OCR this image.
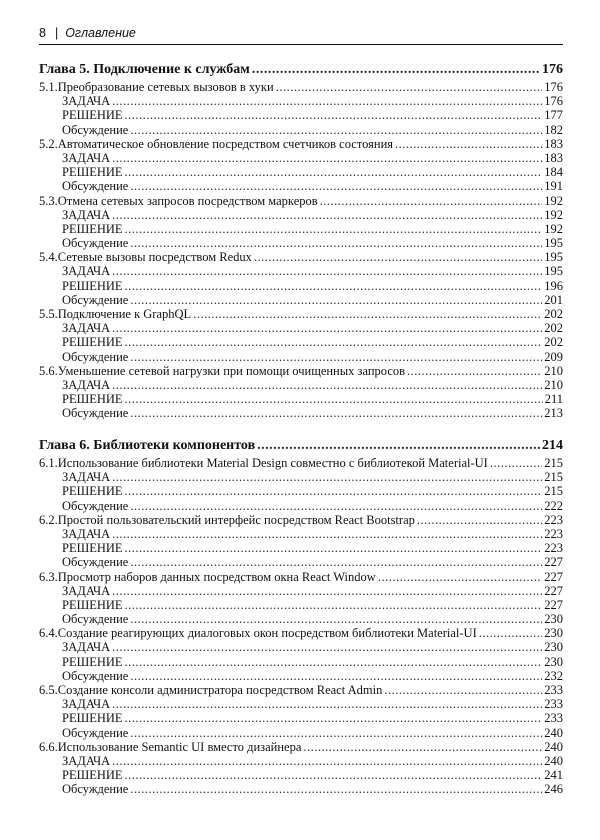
8 | Оглавление
Глава 5. Подключение к службам .....	176
5.1. Преобразование сетевых вызовов в хуки .....	176
ЗАДАЧА .....	176
РЕШЕНИЕ .....	177
Обсуждение .....	182
5.2. Автоматическое обновление посредством счетчиков состояния .....	183
ЗАДАЧА .....	183
РЕШЕНИЕ .....	184
Обсуждение .....	191
5.3. Отмена сетевых запросов посредством маркеров .....	192
ЗАДАЧА .....	192
РЕШЕНИЕ .....	192
Обсуждение .....	195
5.4. Сетевые вызовы посредством Redux .....	195
ЗАДАЧА .....	195
РЕШЕНИЕ .....	196
Обсуждение .....	201
5.5. Подключение к GraphQL .....	202
ЗАДАЧА .....	202
РЕШЕНИЕ .....	202
Обсуждение .....	209
5.6. Уменьшение сетевой нагрузки при помощи очищенных запросов .....	210
ЗАДАЧА .....	210
РЕШЕНИЕ .....	211
Обсуждение .....	213
Глава 6. Библиотеки компонентов .....	214
6.1. Использование библиотеки Material Design совместно с библиотекой Material-UI .....	215
ЗАДАЧА .....	215
РЕШЕНИЕ .....	215
Обсуждение .....	222
6.2. Простой пользовательский интерфейс посредством React Bootstrap .....	223
ЗАДАЧА .....	223
РЕШЕНИЕ .....	223
Обсуждение .....	227
6.3. Просмотр наборов данных посредством окна React Window .....	227
ЗАДАЧА .....	227
РЕШЕНИЕ .....	227
Обсуждение .....	230
6.4. Создание реагирующих диалоговых окон посредством библиотеки Material-UI .....	230
ЗАДАЧА .....	230
РЕШЕНИЕ .....	230
Обсуждение .....	232
6.5. Создание консоли администратора посредством React Admin .....	233
ЗАДАЧА .....	233
РЕШЕНИЕ .....	233
Обсуждение .....	240
6.6. Использование Semantic UI вместо дизайнера .....	240
ЗАДАЧА .....	240
РЕШЕНИЕ .....	241
Обсуждение .....	246
